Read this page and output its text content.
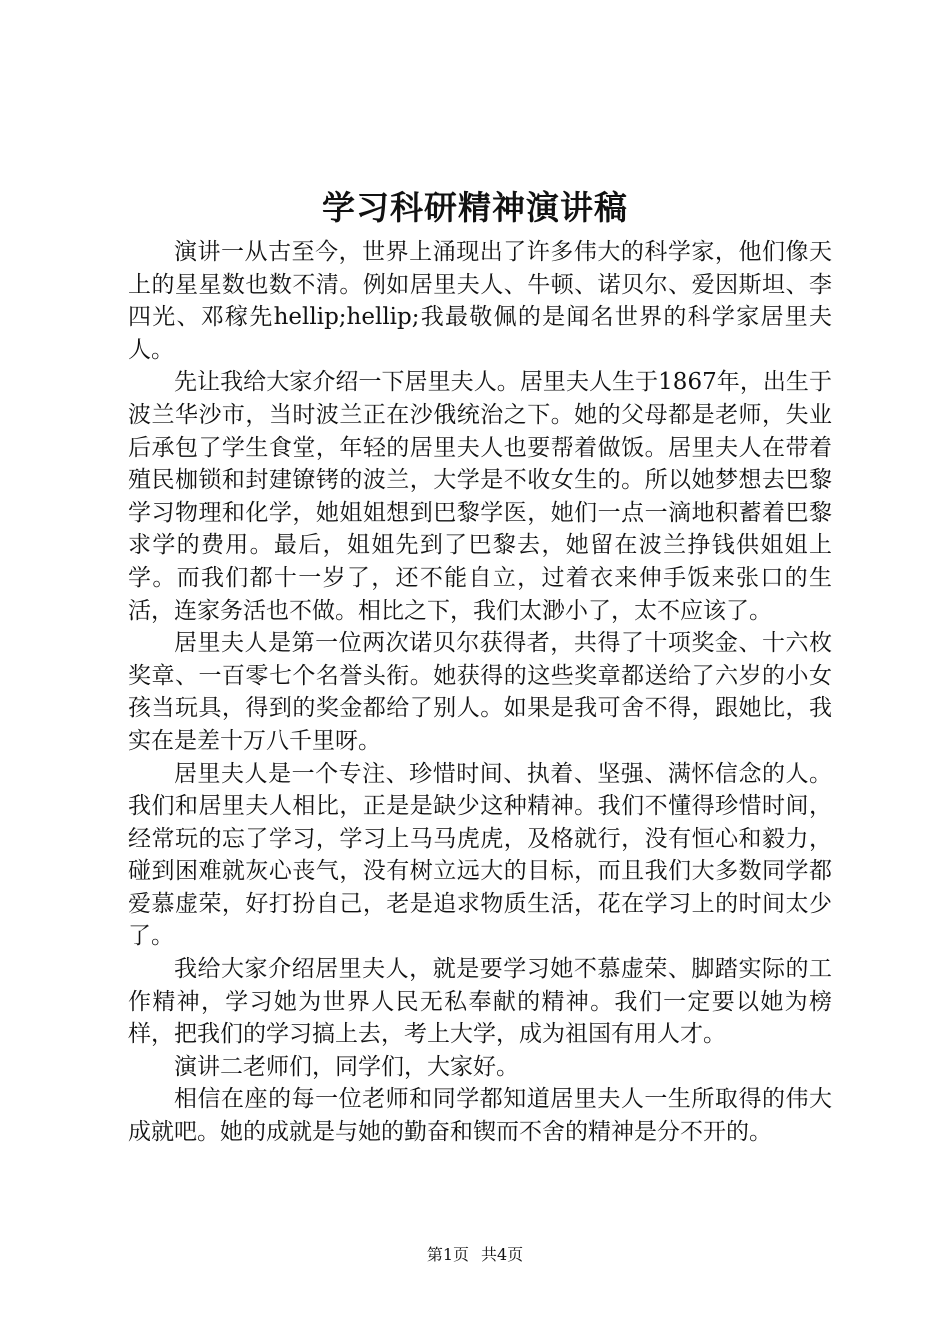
学习科研精神演讲稿

演讲一从古至今，世界上涌现出了许多伟大的科学家，他们像天上的星星数也数不清。例如居里夫人、牛顿、诺贝尔、爱因斯坦、李四光、邓稼先hellip;hellip;我最敬佩的是闻名世界的科学家居里夫人。

先让我给大家介绍一下居里夫人。居里夫人生于1867年，出生于波兰华沙市，当时波兰正在沙俄统治之下。她的父母都是老师，失业后承包了学生食堂，年轻的居里夫人也要帮着做饭。居里夫人在带着殖民枷锁和封建镣铐的波兰，大学是不收女生的。所以她梦想去巴黎学习物理和化学，她姐姐想到巴黎学医，她们一点一滴地积蓄着巴黎求学的费用。最后，姐姐先到了巴黎去，她留在波兰挣钱供姐姐上学。而我们都十一岁了，还不能自立，过着衣来伸手饭来张口的生活，连家务活也不做。相比之下，我们太渺小了，太不应该了。

居里夫人是第一位两次诺贝尔获得者，共得了十项奖金、十六枚奖章、一百零七个名誉头衔。她获得的这些奖章都送给了六岁的小女孩当玩具，得到的奖金都给了别人。如果是我可舍不得，跟她比，我实在是差十万八千里呀。

居里夫人是一个专注、珍惜时间、执着、坚强、满怀信念的人。我们和居里夫人相比，正是是缺少这种精神。我们不懂得珍惜时间，经常玩的忘了学习，学习上马马虎虎，及格就行，没有恒心和毅力，碰到困难就灰心丧气，没有树立远大的目标，而且我们大多数同学都爱慕虚荣，好打扮自己，老是追求物质生活，花在学习上的时间太少了。

我给大家介绍居里夫人，就是要学习她不慕虚荣、脚踏实际的工作精神，学习她为世界人民无私奉献的精神。我们一定要以她为榜样，把我们的学习搞上去，考上大学，成为祖国有用人才。

演讲二老师们，同学们，大家好。

相信在座的每一位老师和同学都知道居里夫人一生所取得的伟大成就吧。她的成就是与她的勤奋和锲而不舍的精神是分不开的。

第1页 共4页
